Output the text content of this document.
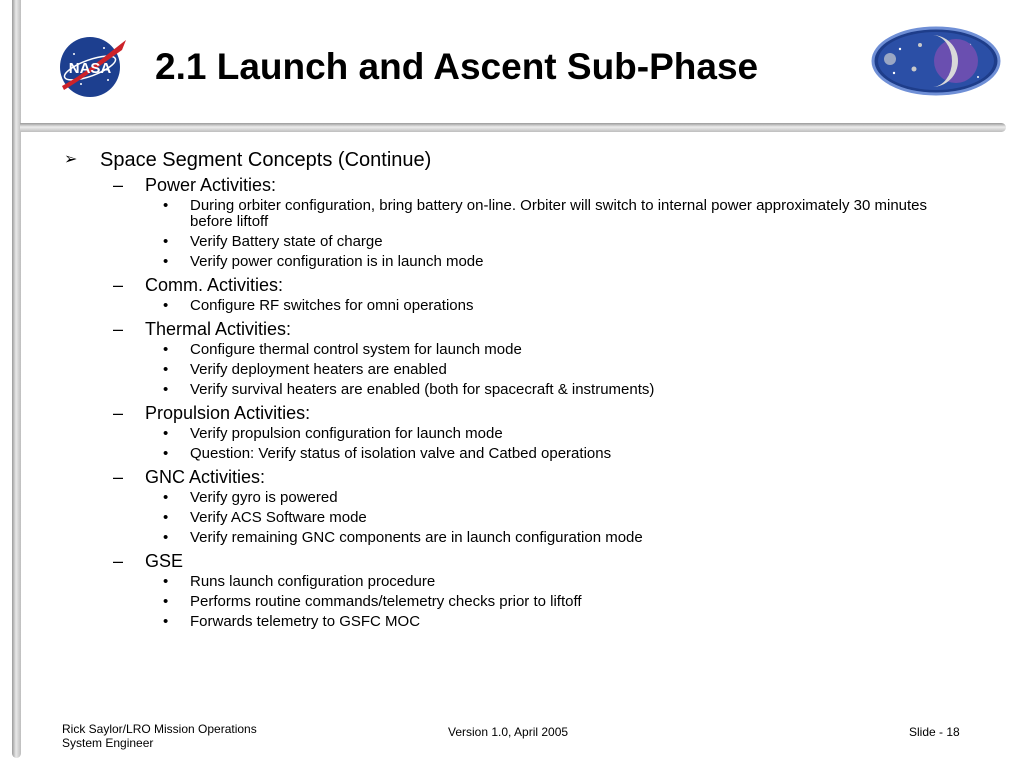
NASA 2.1 Launch and Ascent Sub-Phase
➢ Space Segment Concepts (Continue)
– Power Activities:
• During orbiter configuration, bring battery on-line. Orbiter will switch to internal power approximately 30 minutes before liftoff
• Verify Battery state of charge
• Verify power configuration is in launch mode
– Comm. Activities:
• Configure RF switches for omni operations
– Thermal Activities:
• Configure thermal control system for launch mode
• Verify deployment heaters are enabled
• Verify survival heaters are enabled (both for spacecraft & instruments)
– Propulsion Activities:
• Verify propulsion configuration for launch mode
• Question: Verify status of isolation valve and Catbed operations
– GNC Activities:
• Verify gyro is powered
• Verify ACS Software mode
• Verify remaining GNC components are in launch configuration mode
– GSE
• Runs launch configuration procedure
• Performs routine commands/telemetry checks prior to liftoff
• Forwards telemetry to GSFC MOC
Rick Saylor/LRO Mission Operations
System Engineer
Version 1.0, April 2005	Slide - 18
